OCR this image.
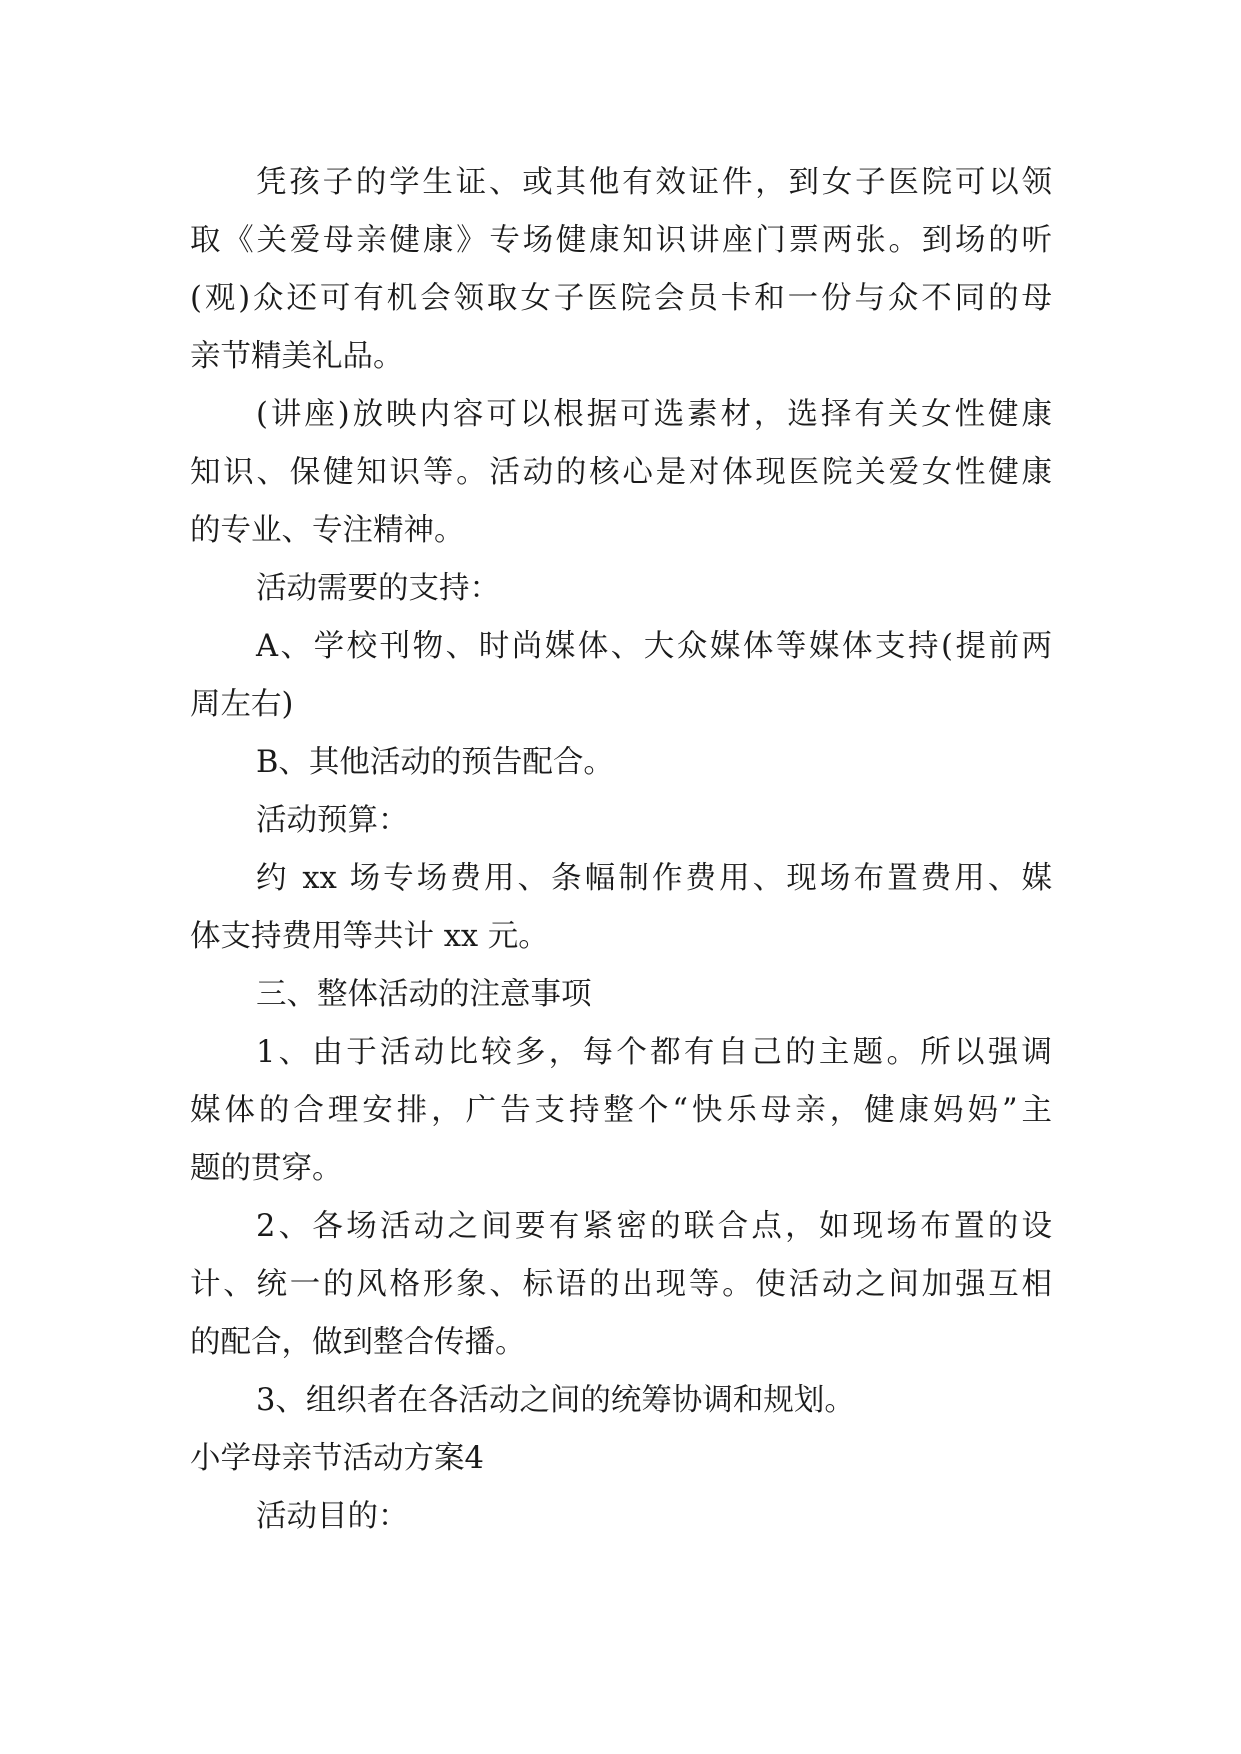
凭孩子的学生证、或其他有效证件，到女子医院可以领
取《关爱母亲健康》专场健康知识讲座门票两张。到场的听
(观)众还可有机会领取女子医院会员卡和一份与众不同的母
亲节精美礼品。
(讲座)放映内容可以根据可选素材，选择有关女性健康
知识、保健知识等。活动的核心是对体现医院关爱女性健康
的专业、专注精神。
活动需要的支持：
A、学校刊物、时尚媒体、大众媒体等媒体支持(提前两
周左右)
B、其他活动的预告配合。
活动预算：
约 xx 场专场费用、条幅制作费用、现场布置费用、媒
体支持费用等共计 xx 元。
三、整体活动的注意事项
1、由于活动比较多，每个都有自己的主题。所以强调
媒体的合理安排，广告支持整个“快乐母亲，健康妈妈”主
题的贯穿。
2、各场活动之间要有紧密的联合点，如现场布置的设
计、统一的风格形象、标语的出现等。使活动之间加强互相
的配合，做到整合传播。
3、组织者在各活动之间的统筹协调和规划。
小学母亲节活动方案4
活动目的：
